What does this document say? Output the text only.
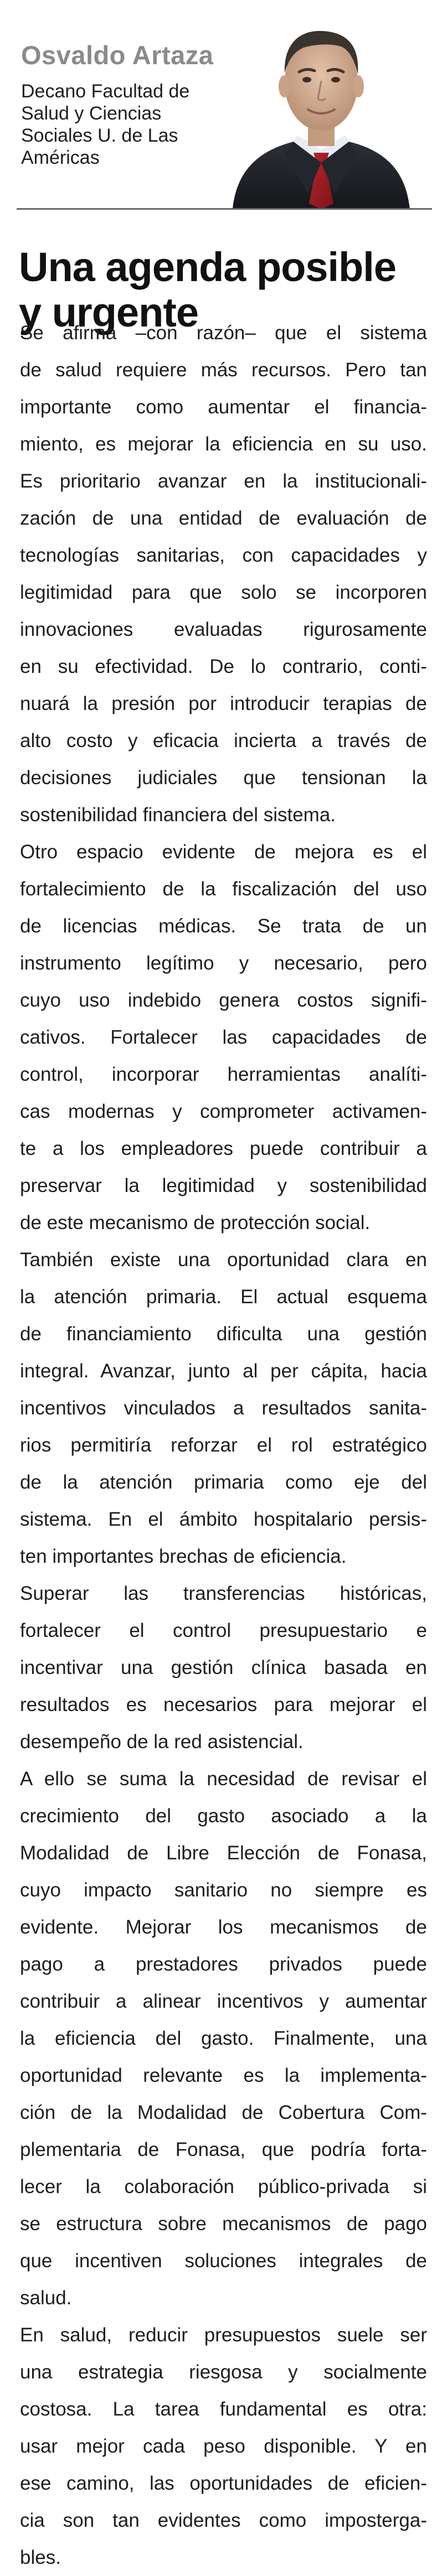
Osvaldo Artaza
Decano Facultad de Salud y Ciencias Sociales U. de Las Américas
Una agenda posible y urgente
Se afirma –con razón– que el sistema
de salud requiere más recursos. Pero tan
importante como aumentar el financia-
miento, es mejorar la eficiencia en su uso.
Es prioritario avanzar en la institucionali-
zación de una entidad de evaluación de
tecnologías sanitarias, con capacidades y
legitimidad para que solo se incorporen
innovaciones evaluadas rigurosamente
en su efectividad. De lo contrario, conti-
nuará la presión por introducir terapias de
alto costo y eficacia incierta a través de
decisiones judiciales que tensionan la
sostenibilidad financiera del sistema.
Otro espacio evidente de mejora es el
fortalecimiento de la fiscalización del uso
de licencias médicas. Se trata de un
instrumento legítimo y necesario, pero
cuyo uso indebido genera costos signifi-
cativos. Fortalecer las capacidades de
control, incorporar herramientas analíti-
cas modernas y comprometer activamen-
te a los empleadores puede contribuir a
preservar la legitimidad y sostenibilidad
de este mecanismo de protección social.
También existe una oportunidad clara en
la atención primaria. El actual esquema
de financiamiento dificulta una gestión
integral. Avanzar, junto al per cápita, hacia
incentivos vinculados a resultados sanita-
rios permitiría reforzar el rol estratégico
de la atención primaria como eje del
sistema. En el ámbito hospitalario persis-
ten importantes brechas de eficiencia.
Superar las transferencias históricas,
fortalecer el control presupuestario e
incentivar una gestión clínica basada en
resultados es necesarios para mejorar el
desempeño de la red asistencial.
A ello se suma la necesidad de revisar el
crecimiento del gasto asociado a la
Modalidad de Libre Elección de Fonasa,
cuyo impacto sanitario no siempre es
evidente. Mejorar los mecanismos de
pago a prestadores privados puede
contribuir a alinear incentivos y aumentar
la eficiencia del gasto. Finalmente, una
oportunidad relevante es la implementa-
ción de la Modalidad de Cobertura Com-
plementaria de Fonasa, que podría forta-
lecer la colaboración público-privada si
se estructura sobre mecanismos de pago
que incentiven soluciones integrales de
salud.
En salud, reducir presupuestos suele ser
una estrategia riesgosa y socialmente
costosa. La tarea fundamental es otra:
usar mejor cada peso disponible. Y en
ese camino, las oportunidades de eficien-
cia son tan evidentes como imposterga-
bles.
